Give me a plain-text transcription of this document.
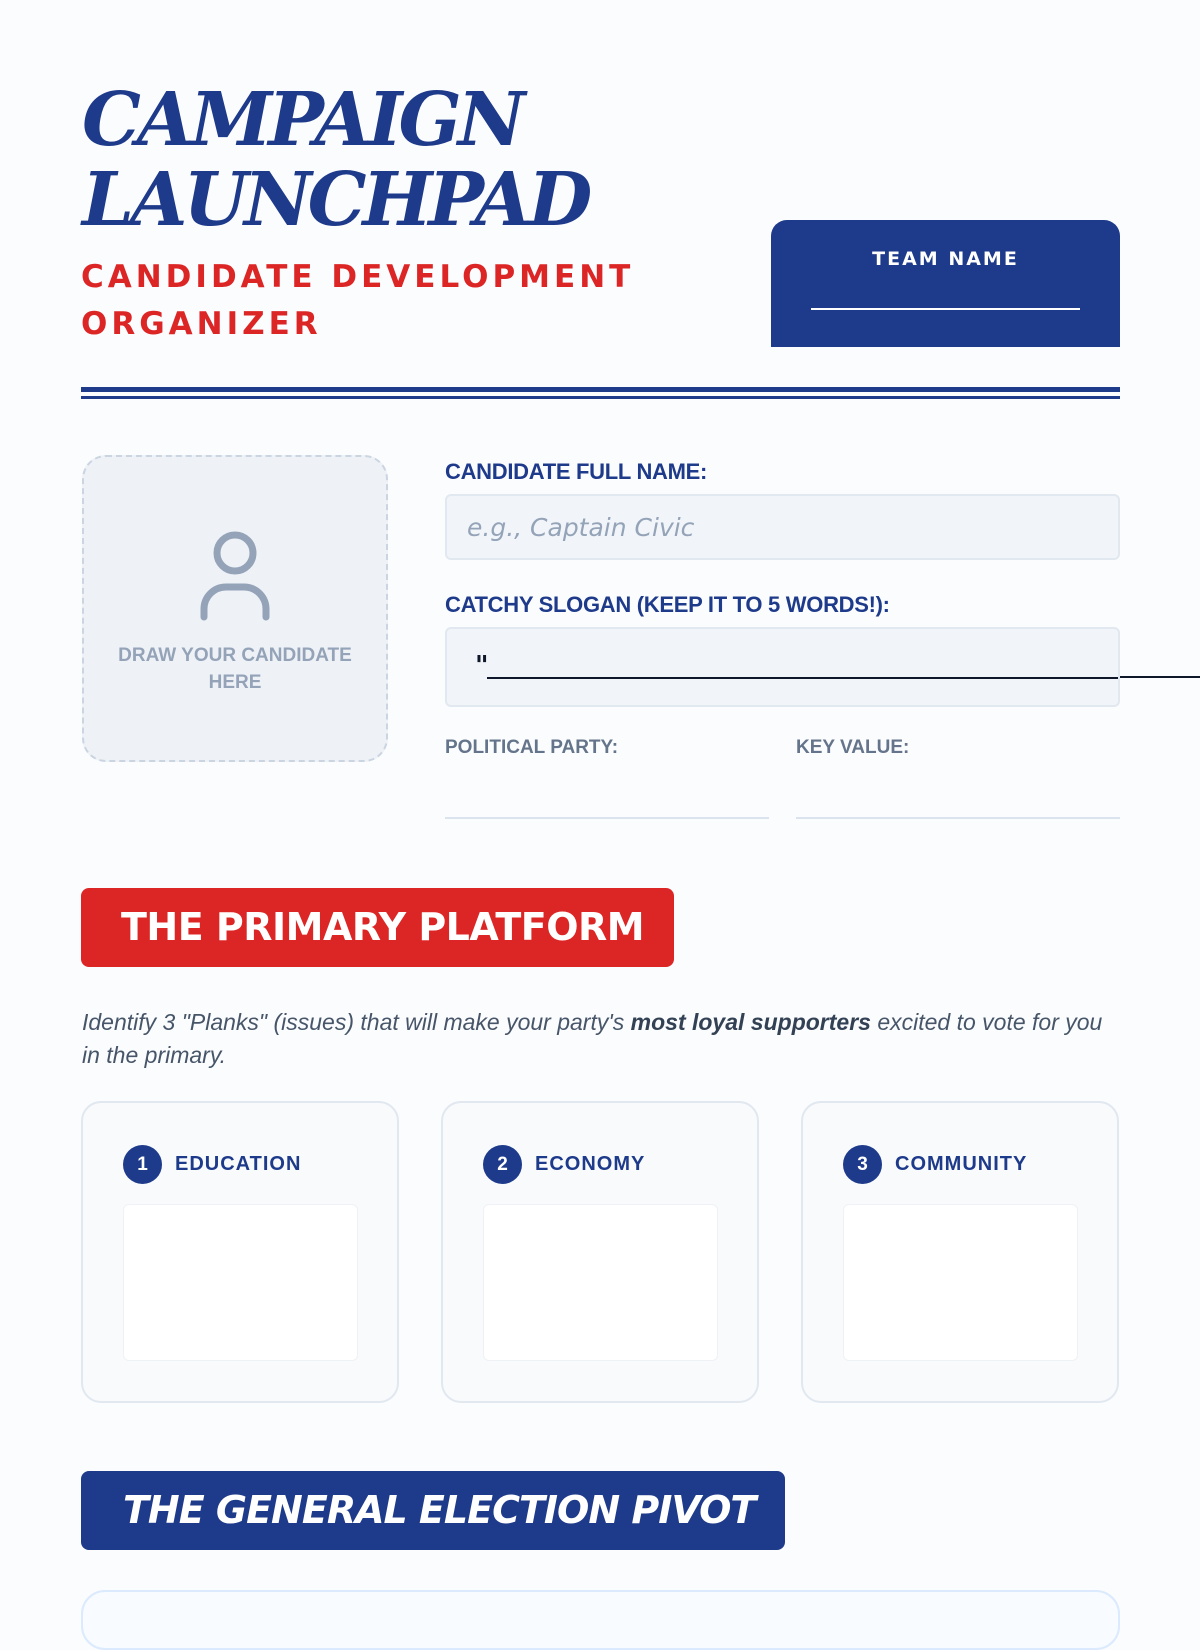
CAMPAIGN
LAUNCHPAD

CANDIDATE DEVELOPMENT ORGANIZER

TEAM NAME
DRAW YOUR CANDIDATE HERE

CANDIDATE FULL NAME:

e.g., Captain Civic

CATCHY SLOGAN (KEEP IT TO 5 WORDS!):

"

POLITICAL PARTY:	KEY VALUE:

THE PRIMARY PLATFORM

Identify 3 "Planks" (issues) that will make your party's most loyal supporters excited to vote for you in the primary.

1	EDUCATION	2	ECONOMY	3	COMMUNITY
THE GENERAL ELECTION PIVOT
